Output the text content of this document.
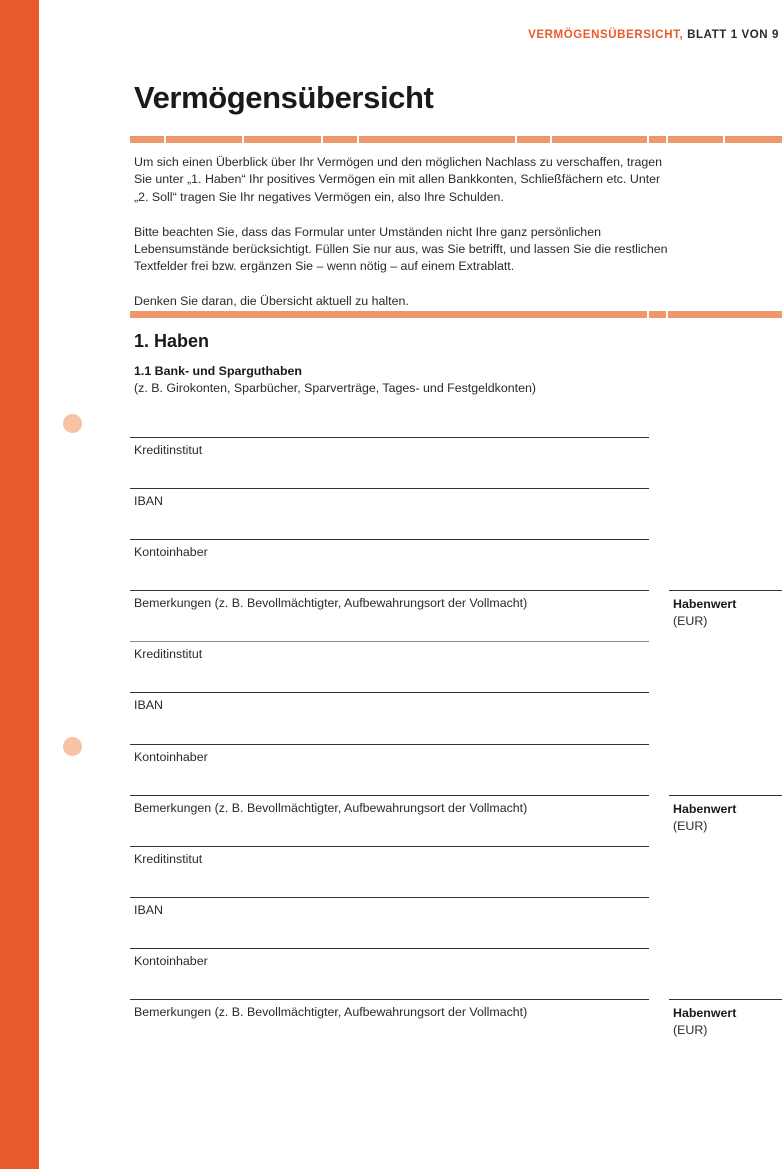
VERMÖGENSÜBERSICHT, BLATT 1 VON 9
Vermögensübersicht

Um sich einen Überblick über Ihr Vermögen und den möglichen Nachlass zu verschaffen, tragen
Sie unter „1. Haben“ Ihr positives Vermögen ein mit allen Bankkonten, Schließfächern etc. Unter
„2. Soll“ tragen Sie Ihr negatives Vermögen ein, also Ihre Schulden.

Bitte beachten Sie, dass das Formular unter Umständen nicht Ihre ganz persönlichen
Lebensumstände berücksichtigt. Füllen Sie nur aus, was Sie betrifft, und lassen Sie die restlichen
Textfelder frei bzw. ergänzen Sie – wenn nötig – auf einem Extrablatt.

Denken Sie daran, die Übersicht aktuell zu halten.

1. Haben
1.1 Bank- und Sparguthaben
(z. B. Girokonten, Sparbücher, Sparverträge, Tages- und Festgeldkonten)
Kreditinstitut
IBAN
Kontoinhaber
Bemerkungen (z. B. Bevollmächtigter, Aufbewahrungsort der Vollmacht)	Habenwert
(EUR)
Kreditinstitut
IBAN
Kontoinhaber
Bemerkungen (z. B. Bevollmächtigter, Aufbewahrungsort der Vollmacht)	Habenwert
(EUR)
Kreditinstitut
IBAN
Kontoinhaber
Bemerkungen (z. B. Bevollmächtigter, Aufbewahrungsort der Vollmacht)	Habenwert
(EUR)
